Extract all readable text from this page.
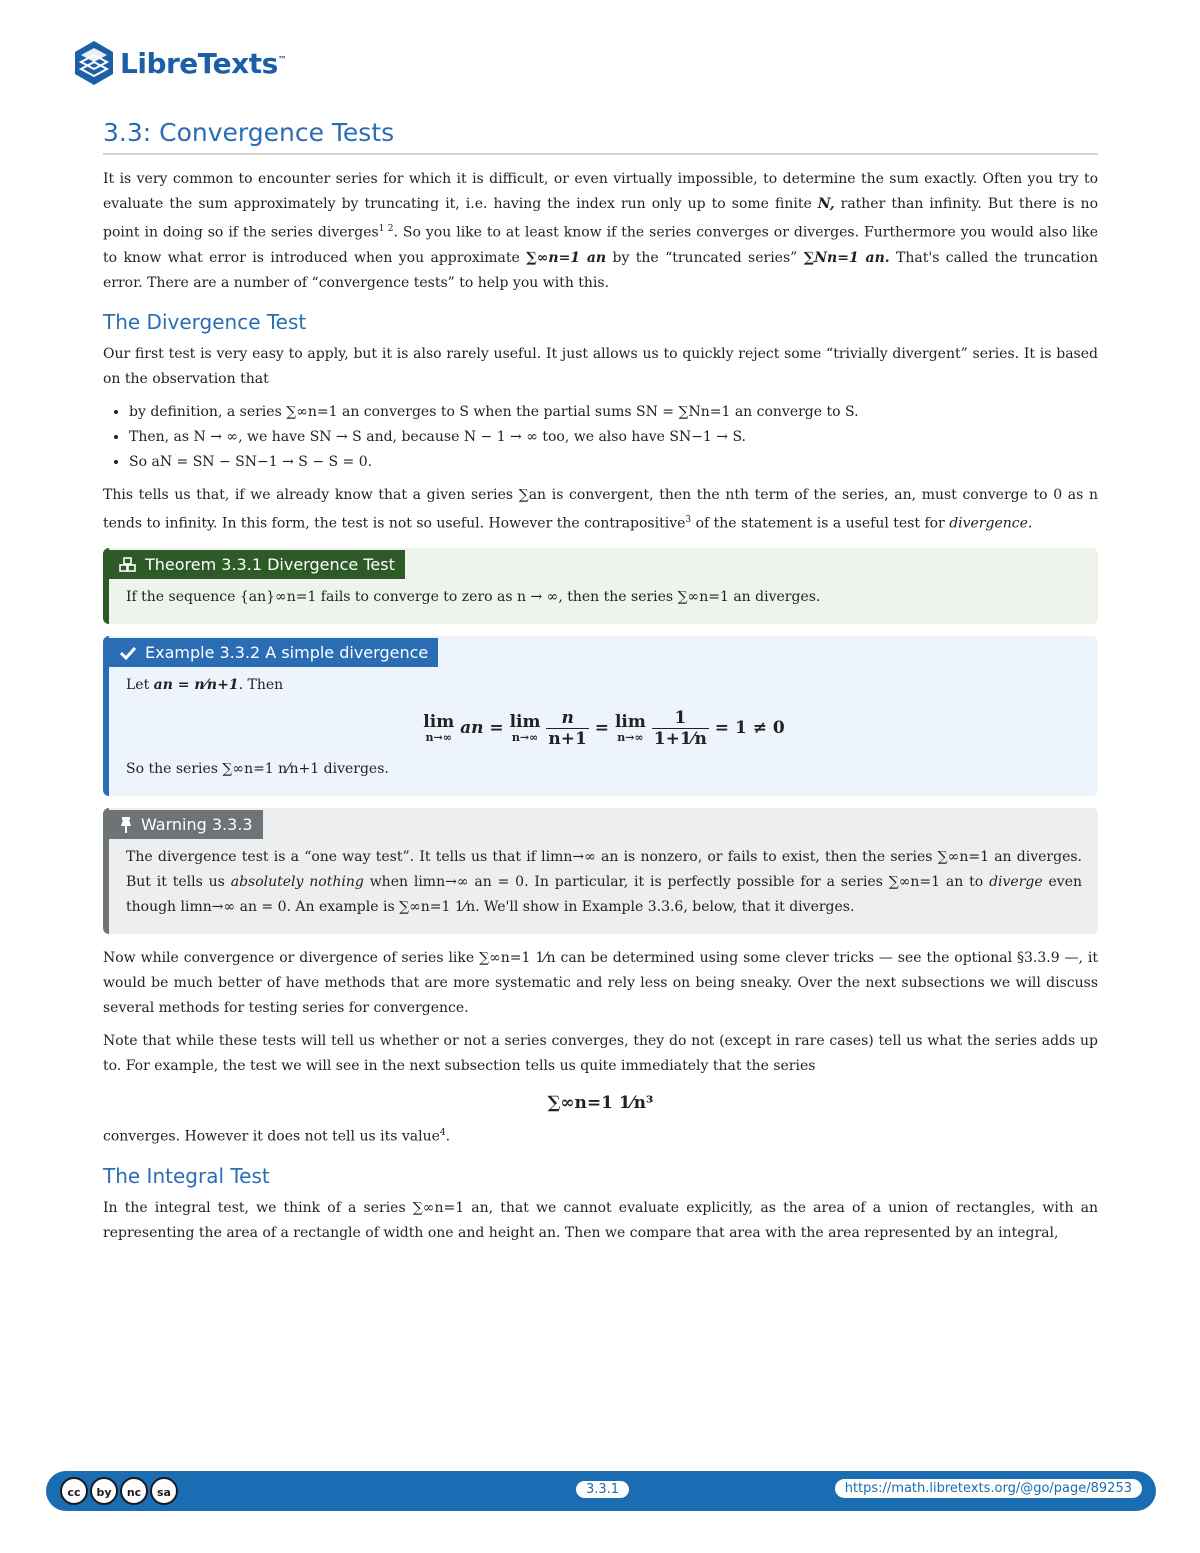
LibreTexts™
3.3: Convergence Tests

It is very common to encounter series for which it is difficult, or even virtually impossible, to determine the sum exactly. Often you try to evaluate the sum approximately by truncating it, i.e. having the index run only up to some finite N, rather than infinity. But there is no point in doing so if the series diverges$^{1 2}$. So you like to at least know if the series converges or diverges. Furthermore you would also like to know what error is introduced when you approximate ∑∞n=1 an by the “truncated series” ∑Nn=1 an. That's called the truncation error. There are a number of “convergence tests” to help you with this.

The Divergence Test

Our first test is very easy to apply, but it is also rarely useful. It just allows us to quickly reject some “trivially divergent” series. It is based on the observation that

• by definition, a series ∑∞n=1 an converges to S when the partial sums SN = ∑Nn=1 an converge to S.
• Then, as N → ∞, we have SN → S and, because N − 1 → ∞ too, we also have SN−1 → S.
• So aN = SN − SN−1 → S − S = 0.

This tells us that, if we already know that a given series ∑an is convergent, then the nth term of the series, an, must converge to 0 as n tends to infinity. In this form, the test is not so useful. However the contrapositive$^3$ of the statement is a useful test for divergence.

Theorem 3.3.1 Divergence Test

If the sequence {an}∞n=1 fails to converge to zero as n → ∞, then the series ∑∞n=1 an diverges.

Example 3.3.2 A simple divergence

Let an = n⁄n+1. Then

lim
n→∞ an = lim
n→∞
$\frac{n}{n+1} = \lim$
n→∞
$\frac{1}{1+1⁄n} = 1 \ne 0$

So the series ∑∞n=1 n⁄n+1 diverges.

Warning 3.3.3

The divergence test is a “one way test”. It tells us that if limn→∞ an is nonzero, or fails to exist, then the series ∑∞n=1 an diverges. But it tells us absolutely nothing when limn→∞ an = 0. In particular, it is perfectly possible for a series ∑∞n=1 an to diverge even though limn→∞ an = 0. An example is ∑∞n=1 1⁄n. We'll show in Example 3.3.6, below, that it diverges.

Now while convergence or divergence of series like ∑∞n=1 1⁄n can be determined using some clever tricks — see the optional §3.3.9 —, it would be much better of have methods that are more systematic and rely less on being sneaky. Over the next subsections we will discuss several methods for testing series for convergence.

Note that while these tests will tell us whether or not a series converges, they do not (except in rare cases) tell us what the series adds up to. For example, the test we will see in the next subsection tells us quite immediately that the series

∑∞n=1 1⁄n³

converges. However it does not tell us its value$^4$.

The Integral Test

In the integral test, we think of a series ∑∞n=1 an, that we cannot evaluate explicitly, as the area of a union of rectangles, with an representing the area of a rectangle of width one and height an. Then we compare that area with the area represented by an integral,

cc	by	nc	sa	3.3.1	https://math.libretexts.org/@go/page/89253
